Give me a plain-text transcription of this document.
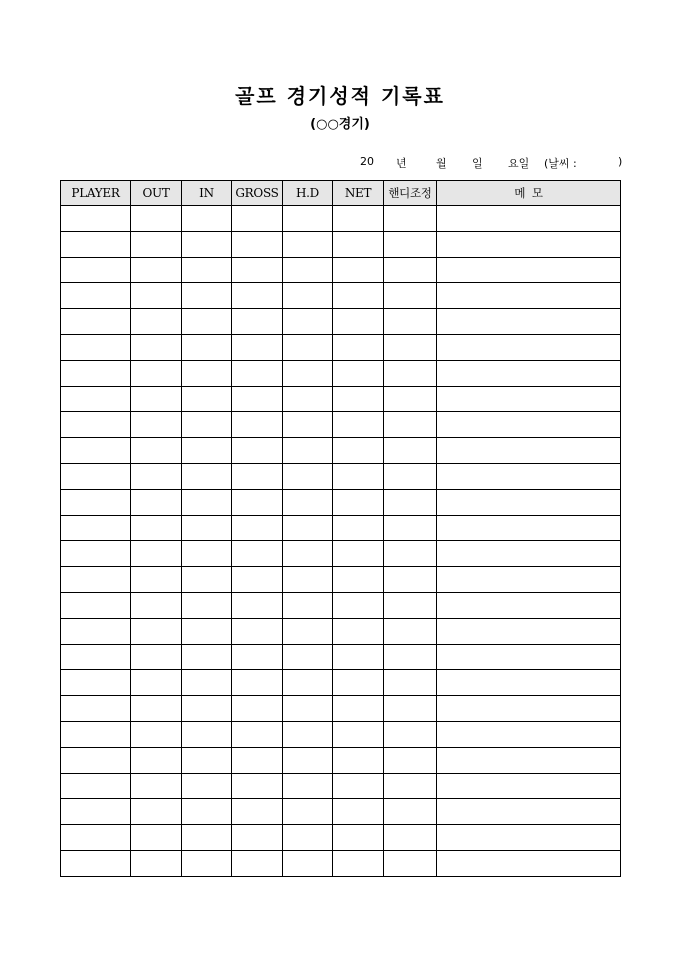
골프 경기성적 기록표
(○○경기)
20 년	월 일 요일 (날씨 :	)
PLAYER	OUT	IN	GROSS	H.D	NET	핸디조정	메  모
